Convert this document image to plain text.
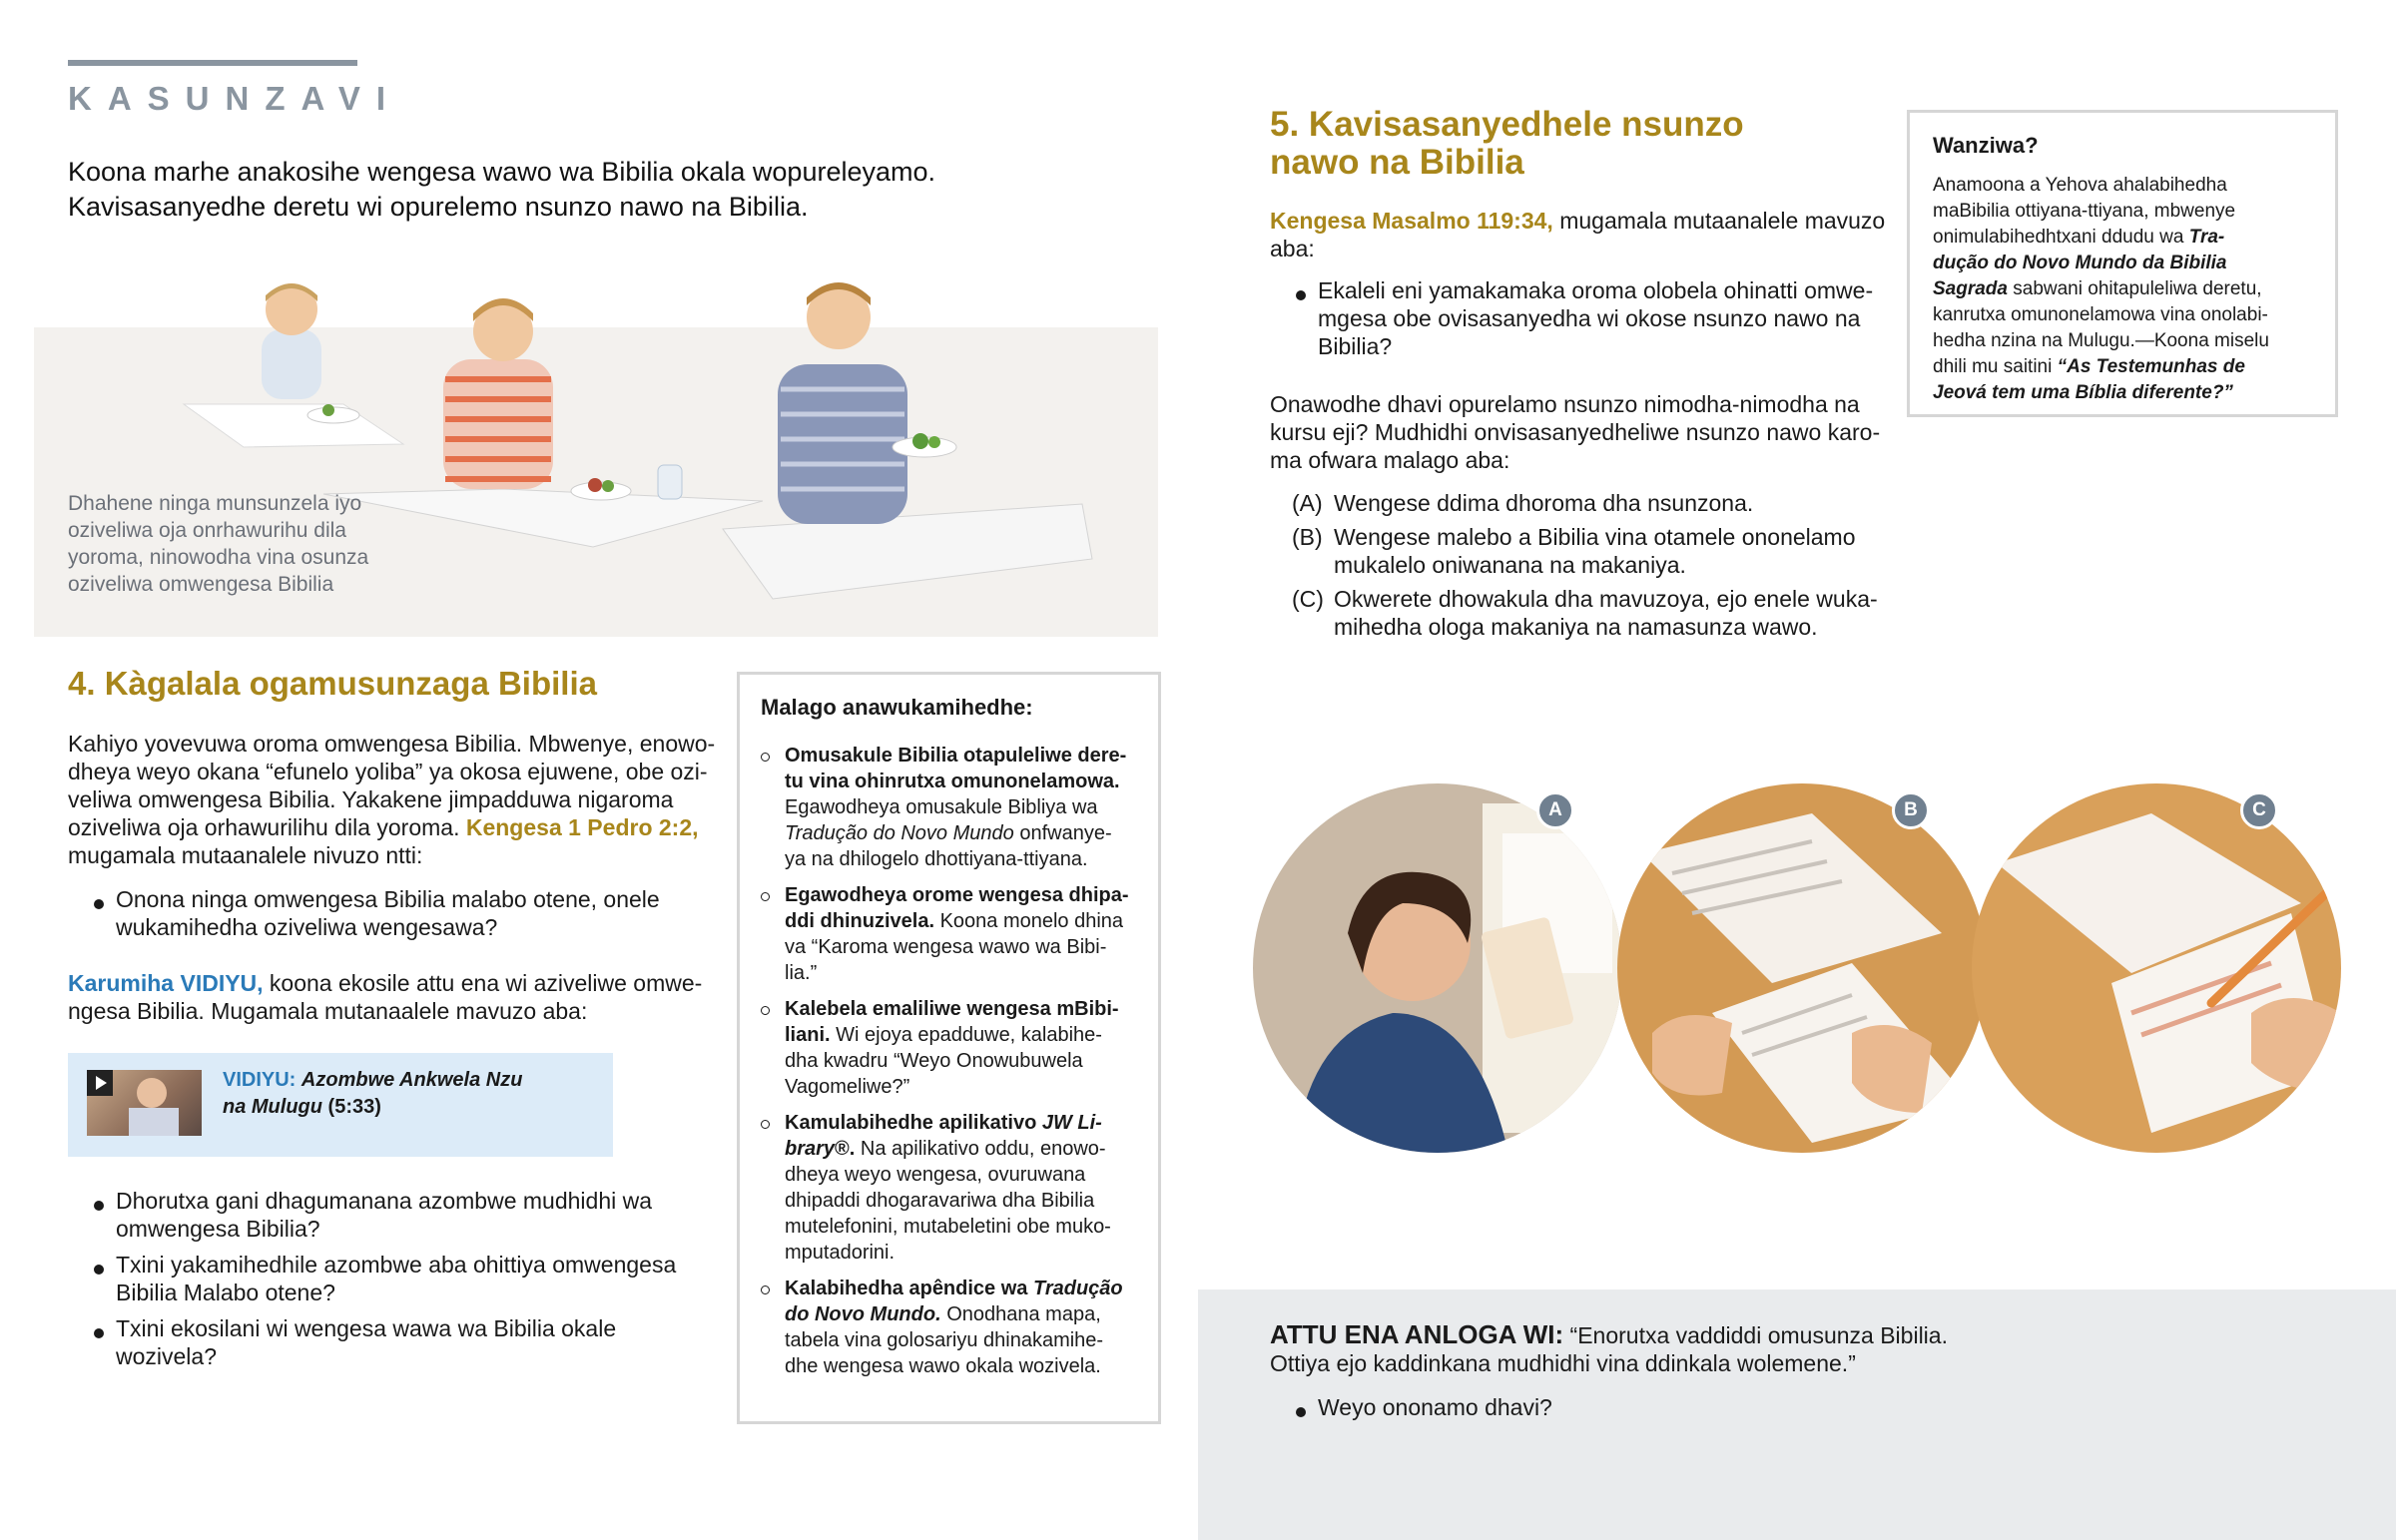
KASUNZAVI
Koona marhe anakosihe wengesa wawo wa Bibilia okala wopureleyamo.
Kavisasanyedhe deretu wi opurelemo nsunzo nawo na Bibilia.
Dhahene ninga munsunzela iyo
oziveliwa oja onrhawurihu dila
yoroma, ninowodha vina osunza
oziveliwa omwengesa Bibilia
4. Kàgalala ogamusunzaga Bibilia
Kahiyo yovevuwa oroma omwengesa Bibilia. Mbwenye, enowo-
dheya weyo okana “efunelo yoliba” ya okosa ejuwene, obe ozi-
veliwa omwengesa Bibilia. Yakakene jimpadduwa nigaroma
oziveliwa oja orhawurilihu dila yoroma. Kengesa 1 Pedro 2:2,
mugamala mutaanalele nivuzo ntti:
Onona ninga omwengesa Bibilia malabo otene, onele
wukamihedha oziveliwa wengesawa?
Karumiha VIDIYU, koona ekosile attu ena wi aziveliwe omwe-
ngesa Bibilia. Mugamala mutanaalele mavuzo aba:
VIDIYU: Azombwe Ankwela Nzu
na Mulugu (5:33)
Dhorutxa gani dhagumanana azombwe mudhidhi wa
omwengesa Bibilia?
Txini yakamihedhile azombwe aba ohittiya omwengesa
Bibilia Malabo otene?
Txini ekosilani wi wengesa wawa wa Bibilia okale
wozivela?
Malago anawukamihedhe:
Omusakule Bibilia otapuleliwe dere-
tu vina ohinrutxa omunonelamowa.
Egawodheya omusakule Bibliya wa
Tradução do Novo Mundo onfwanye-
ya na dhilogelo dhottiyana-ttiyana.
Egawodheya orome wengesa dhipa-
ddi dhinuzivela. Koona monelo dhina
va “Karoma wengesa wawo wa Bibi-
lia.”
Kalebela emaliliwe wengesa mBibi-
liani. Wi ejoya epadduwe, kalabihe-
dha kwadru “Weyo Onowubuwela
Vagomeliwe?”
Kamulabihedhe apilikativo JW Li-
brary®. Na apilikativo oddu, enowo-
dheya weyo wengesa, ovuruwana
dhipaddi dhogaravariwa dha Bibilia
mutelefonini, mutabeletini obe muko-
mputadorini.
Kalabihedha apêndice wa Tradução
do Novo Mundo. Onodhana mapa,
tabela vina golosariyu dhinakamihe-
dhe wengesa wawo okala wozivela.
5. Kavisasanyedhele nsunzo
nawo na Bibilia
Kengesa Masalmo 119:34, mugamala mutaanalele mavuzo
aba:
Ekaleli eni yamakamaka oroma olobela ohinatti omwe-
mgesa obe ovisasanyedha wi okose nsunzo nawo na
Bibilia?
Onawodhe dhavi opurelamo nsunzo nimodha-nimodha na
kursu eji? Mudhidhi onvisasanyedheliwe nsunzo nawo karo-
ma ofwara malago aba:
(A) Wengese ddima dhoroma dha nsunzona.
(B) Wengese malebo a Bibilia vina otamele ononelamo
mukalelo oniwanana na makaniya.
(C) Okwerete dhowakula dha mavuzoya, ejo enele wuka-
mihedha ologa makaniya na namasunza wawo.
Wanziwa?
Anamoona a Yehova ahalabihedha
maBibilia ottiyana-ttiyana, mbwenye
onimulabihedhtxani ddudu wa Tra-
dução do Novo Mundo da Bibilia
Sagrada sabwani ohitapuleliwa deretu,
kanrutxa omunonelamowa vina onolabi-
hedha nzina na Mulugu.—Koona miselu
dhili mu saitini “As Testemunhas de
Jeová tem uma Bíblia diferente?”
A	B	C
ATTU ENA ANLOGA WI: “Enorutxa vaddiddi omusunza Bibilia.
Ottiya ejo kaddinkana mudhidhi vina ddinkala wolemene.”
Weyo ononamo dhavi?
